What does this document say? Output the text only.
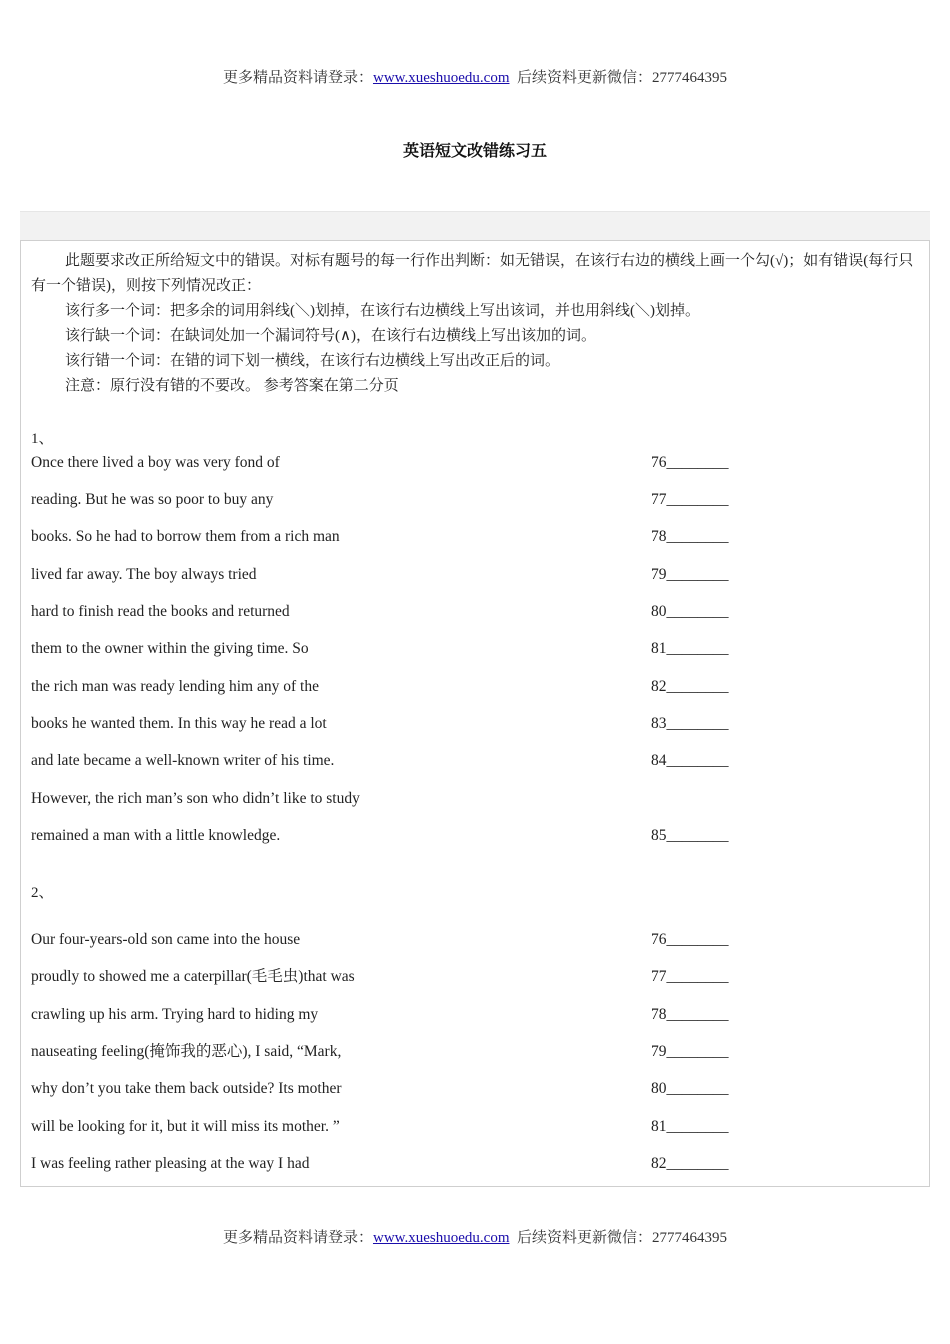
更多精品资料请登录：www.xueshuoedu.com 后续资料更新微信：2777464395
英语短文改错练习五

此题要求改正所给短文中的错误。对标有题号的每一行作出判断：如无错误，在该行右边的横线上画一个勾(√)；如有错误(每行只有一个错误)，则按下列情况改正：

该行多一个词：把多余的词用斜线(＼)划掉，在该行右边横线上写出该词，并也用斜线(＼)划掉。

该行缺一个词：在缺词处加一个漏词符号(∧)，在该行右边横线上写出该加的词。

该行错一个词：在错的词下划一横线，在该行右边横线上写出改正后的词。

注意：原行没有错的不要改。 参考答案在第二分页

1、
Once there lived a boy was very fond of	76________
reading. But he was so poor to buy any	77________
books. So he had to borrow them from a rich man	78________
lived far away. The boy always tried	79________
hard to finish read the books and returned	80________
them to the owner within the giving time. So	81________
the rich man was ready lending him any of the	82________
books he wanted them. In this way he read a lot	83________
and late became a well-known writer of his time.	84________
However, the rich man’s son who didn’t like to study
remained a man with a little knowledge.	85________
2、
Our four-years-old son came into the house	76________
proudly to showed me a caterpillar(毛毛虫)that was	77________
crawling up his arm. Trying hard to hiding my	78________
nauseating feeling(掩饰我的恶心), I said, “Mark,	79________
why don’t you take them back outside? Its mother	80________
will be looking for it, but it will miss its mother. ”	81________
I was feeling rather pleasing at the way I had	82________
更多精品资料请登录：www.xueshuoedu.com 后续资料更新微信：2777464395
